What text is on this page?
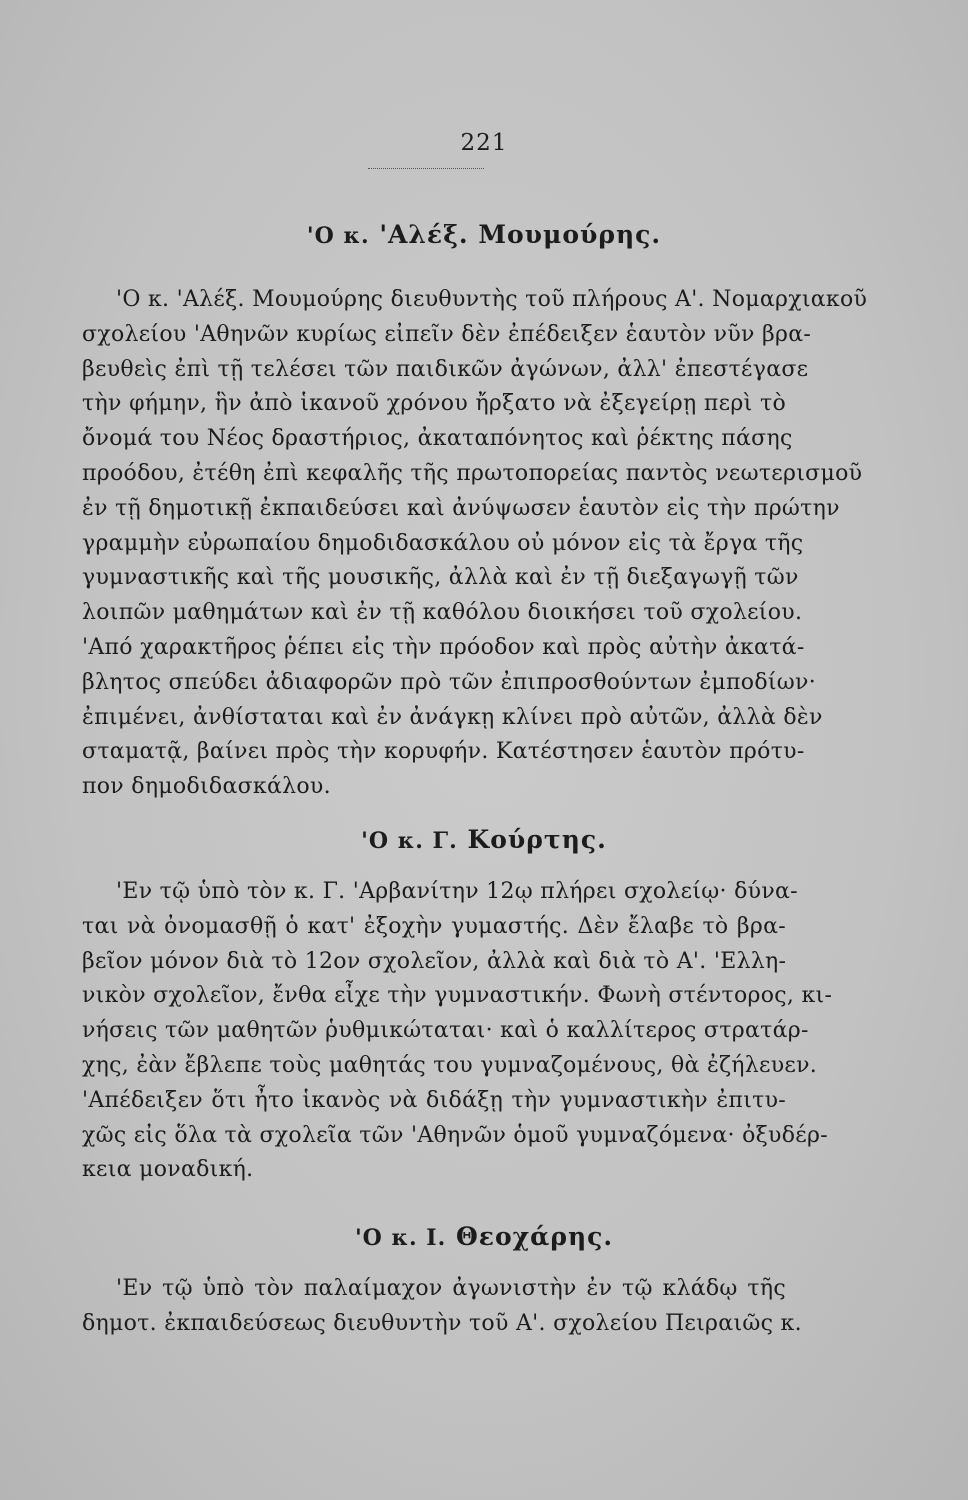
221
'Ο κ. 'Αλέξ. Μουμούρης.
'Ο κ. 'Αλέξ. Μουμούρης διευθυντὴς τοῦ πλήρους Α'. Νομαρχιακοῦ
σχολείου 'Αθηνῶν κυρίως εἰπεῖν δὲν ἐπέδειξεν ἑαυτὸν νῦν βρα-
βευθεὶς ἐπὶ τῇ τελέσει τῶν παιδικῶν ἀγώνων, ἀλλ' ἐπεστέγασε
τὴν φήμην, ἣν ἀπὸ ἱκανοῦ χρόνου ἤρξατο νὰ ἐξεγείρῃ περὶ τὸ
ὄνομά του Νέος δραστήριος, ἀκαταπόνητος καὶ ῥέκτης πάσης
προόδου, ἐτέθη ἐπὶ κεφαλῆς τῆς πρωτοπορείας παντὸς νεωτερισμοῦ
ἐν τῇ δημοτικῇ ἐκπαιδεύσει καὶ ἀνύψωσεν ἑαυτὸν εἰς τὴν πρώτην
γραμμὴν εὐρωπαίου δημοδιδασκάλου οὐ μόνον εἰς τὰ ἔργα τῆς
γυμναστικῆς καὶ τῆς μουσικῆς, ἀλλὰ καὶ ἐν τῇ διεξαγωγῇ τῶν
λοιπῶν μαθημάτων καὶ ἐν τῇ καθόλου διοικήσει τοῦ σχολείου.
'Από χαρακτῆρος ῥέπει εἰς τὴν πρόοδον καὶ πρὸς αὐτὴν ἀκατά-
βλητος σπεύδει ἀδιαφορῶν πρὸ τῶν ἐπιπροσθούντων ἐμποδίων·
ἐπιμένει, ἀνθίσταται καὶ ἐν ἀνάγκῃ κλίνει πρὸ αὐτῶν, ἀλλὰ δὲν
σταματᾷ, βαίνει πρὸς τὴν κορυφήν. Κατέστησεν ἑαυτὸν πρότυ-
πον δημοδιδασκάλου.
'Ο κ. Γ. Κούρτης.
'Εν τῷ ὑπὸ τὸν κ. Γ. 'Αρβανίτην 12ῳ πλήρει σχολείῳ· δύνα-
ται νὰ ὀνομασθῇ ὁ κατ' ἐξοχὴν γυμαστής. Δὲν ἔλαβε τὸ βρα-
βεῖον μόνον διὰ τὸ 12ον σχολεῖον, ἀλλὰ καὶ διὰ τὸ Α'. 'Ελλη-
νικὸν σχολεῖον, ἔνθα εἶχε τὴν γυμναστικήν. Φωνὴ στέντορος, κι-
νήσεις τῶν μαθητῶν ῥυθμικώταται· καὶ ὁ καλλίτερος στρατάρ-
χης, ἐὰν ἔβλεπε τοὺς μαθητάς του γυμναζομένους, θὰ ἐζήλευεν.
'Απέδειξεν ὅτι ἦτο ἱκανὸς νὰ διδάξῃ τὴν γυμναστικὴν ἐπιτυ-
χῶς εἰς ὅλα τὰ σχολεῖα τῶν 'Αθηνῶν ὁμοῦ γυμναζόμενα· ὀξυδέρ-
κεια μοναδική.
'Ο κ. Ι. Θεοχάρης.
'Εν τῷ ὑπὸ τὸν παλαίμαχον ἀγωνιστὴν ἐν τῷ κλάδῳ τῆς
δημοτ. ἐκπαιδεύσεως διευθυντὴν τοῦ Α'. σχολείου Πειραιῶς κ.
